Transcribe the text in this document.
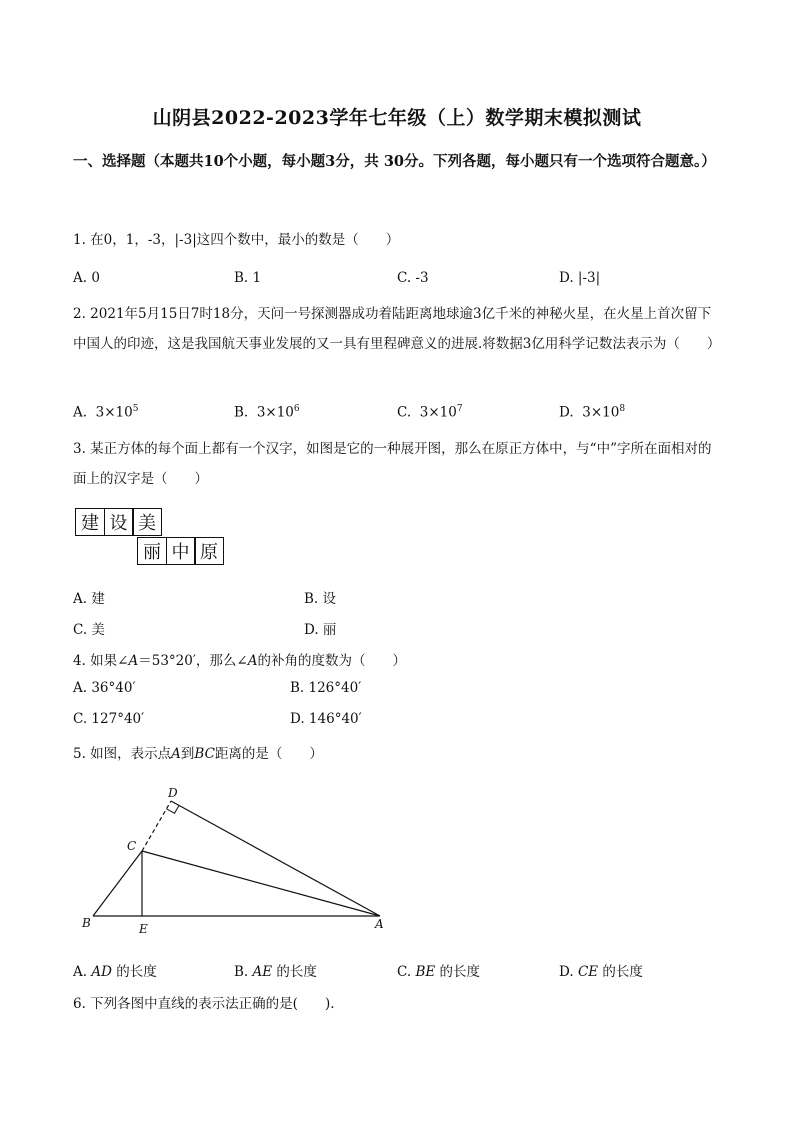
山阴县2022-2023学年七年级（上）数学期末模拟测试
一、选择题（本题共10个小题，每小题3分，共 30分。下列各题，每小题只有一个选项符合题意。）
1. 在0，1，-3，|-3|这四个数中，最小的数是（　　）
A. 0	B. 1	C. -3	D. |-3|
2. 2021年5月15日7时18分，天问一号探测器成功着陆距离地球逾3亿千米的神秘火星，在火星上首次留下中国人的印迹，这是我国航天事业发展的又一具有里程碑意义的进展.将数据3亿用科学记数法表示为（　　）
A. $3\times 10^5$	B. $3\times 10^6$	C. $3\times 10^7$	D. $3\times 10^8$
3. 某正方体的每个面上都有一个汉字，如图是它的一种展开图，那么在原正方体中，与“中”字所在面相对的面上的汉字是（　　）
建 设 美
丽 中 原
A. 建	B. 设
C. 美	D. 丽
4. 如果∠A＝53°20′，那么∠A的补角的度数为（　　）
A. 36°40′	B. 126°40′
C. 127°40′	D. 146°40′
5. 如图，表示点A到BC距离的是（　　）
D
C
B	E	A
A. AD 的长度	B. AE 的长度	C. BE 的长度	D. CE 的长度
6. 下列各图中直线的表示法正确的是(　　).
